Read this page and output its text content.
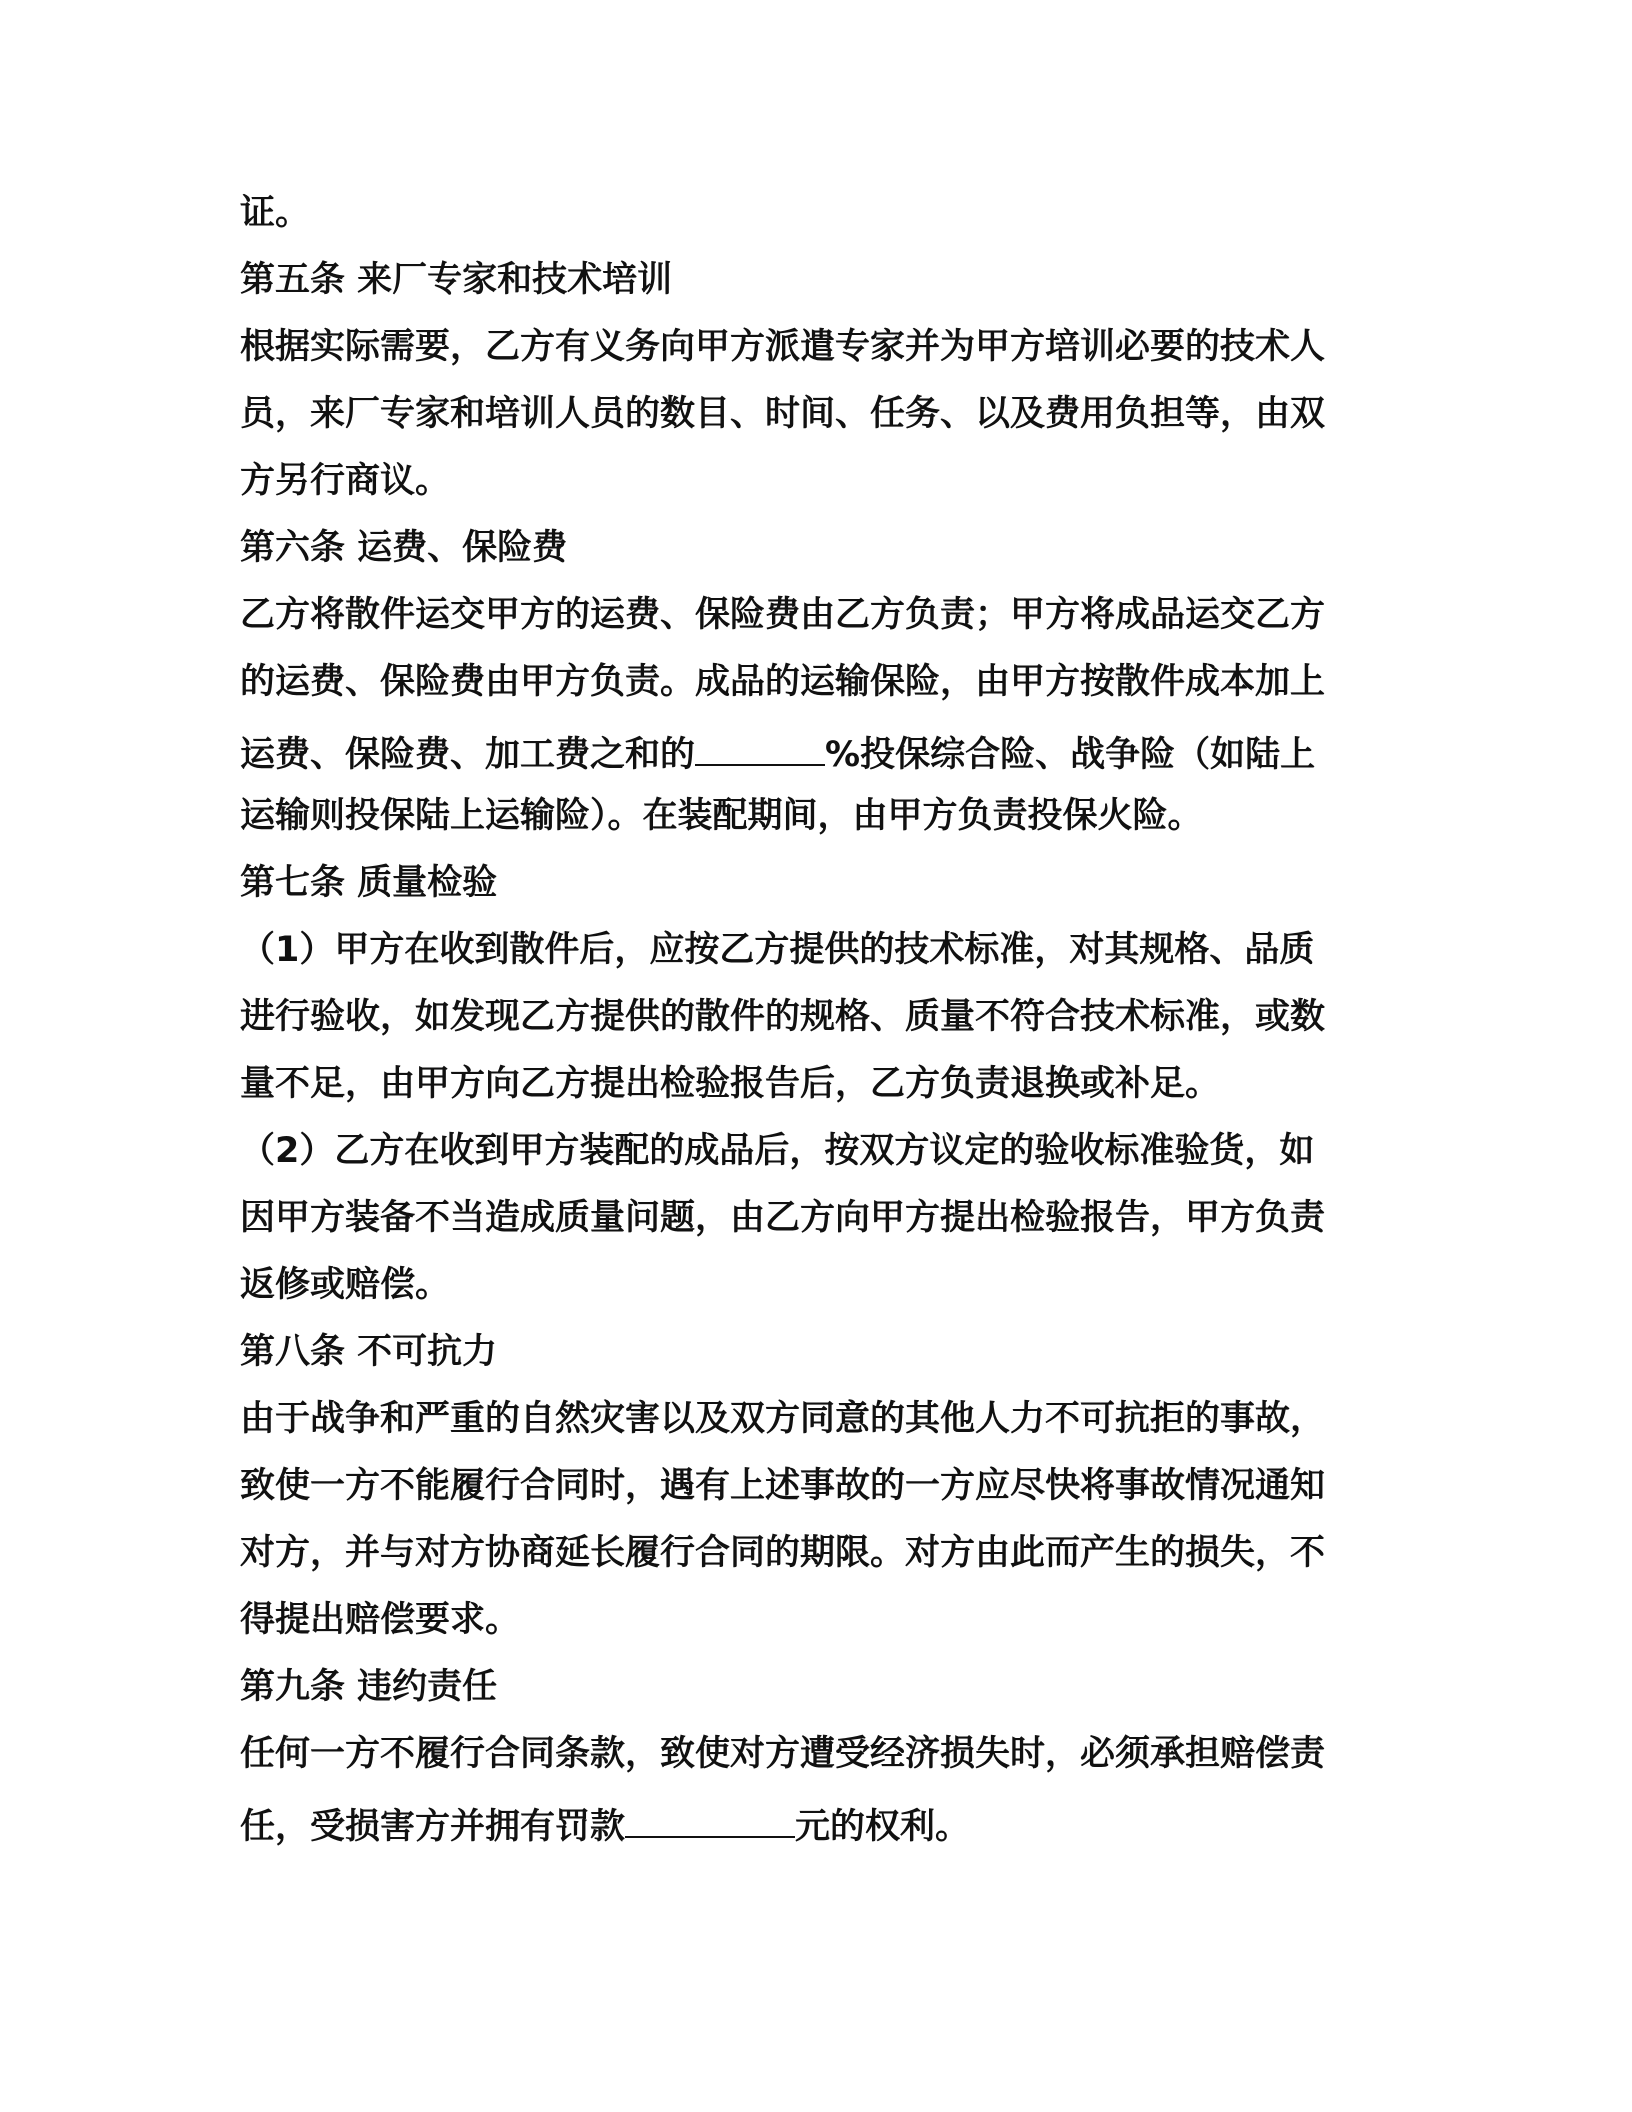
证。
第五条 来厂专家和技术培训
根据实际需要，乙方有义务向甲方派遣专家并为甲方培训必要的技术人
员，来厂专家和培训人员的数目、时间、任务、以及费用负担等，由双
方另行商议。
第六条 运费、保险费
乙方将散件运交甲方的运费、保险费由乙方负责；甲方将成品运交乙方
的运费、保险费由甲方负责。成品的运输保险，由甲方按散件成本加上
运费、保险费、加工费之和的	%投保综合险、战争险（如陆上
运输则投保陆上运输险）。在装配期间，由甲方负责投保火险。
第七条 质量检验
（1）甲方在收到散件后，应按乙方提供的技术标准，对其规格、品质
进行验收，如发现乙方提供的散件的规格、质量不符合技术标准，或数
量不足，由甲方向乙方提出检验报告后，乙方负责退换或补足。
（2）乙方在收到甲方装配的成品后，按双方议定的验收标准验货，如
因甲方装备不当造成质量问题，由乙方向甲方提出检验报告，甲方负责
返修或赔偿。
第八条 不可抗力
由于战争和严重的自然灾害以及双方同意的其他人力不可抗拒的事故，
致使一方不能履行合同时，遇有上述事故的一方应尽快将事故情况通知
对方，并与对方协商延长履行合同的期限。对方由此而产生的损失，不
得提出赔偿要求。
第九条 违约责任
任何一方不履行合同条款，致使对方遭受经济损失时，必须承担赔偿责
任，受损害方并拥有罚款	元的权利。
